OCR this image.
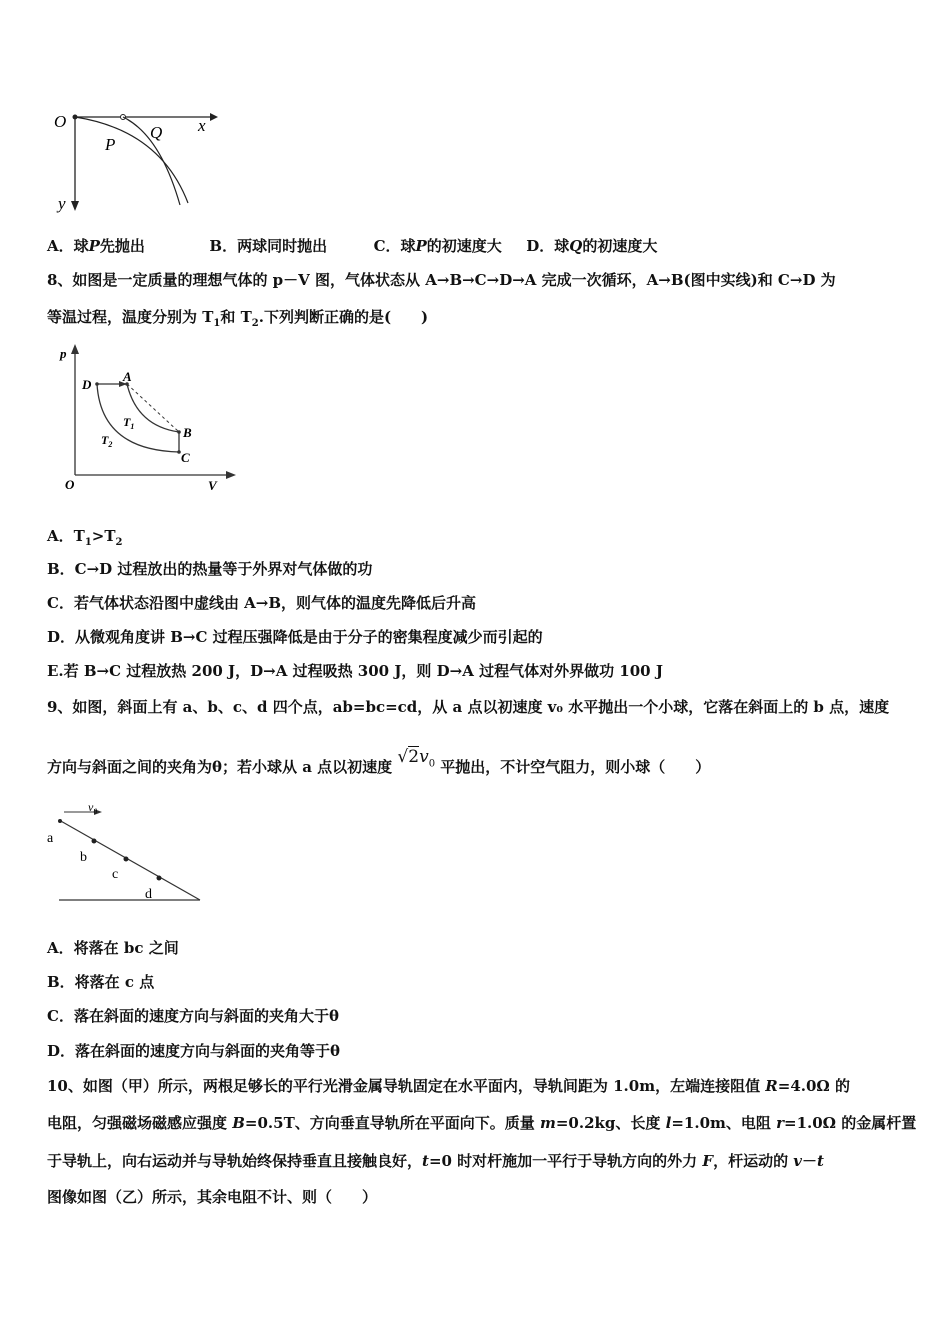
O	x
y
P
Q
A．球P先抛出	B．两球同时抛出	C．球P的初速度大 D．球Q的初速度大
8、如图是一定质量的理想气体的 p－V 图，气体状态从 A→B→C→D→A 完成一次循环，A→B(图中实线)和 C→D 为
等温过程，温度分别为 $T_1$和 $T_2$.下列判断正确的是(　　)
p
V
O
A
D
B
C
$T_1$
$T_2$
A．$T_1>T_2$
B．C→D 过程放出的热量等于外界对气体做的功
C．若气体状态沿图中虚线由 A→B，则气体的温度先降低后升高
D．从微观角度讲 B→C 过程压强降低是由于分子的密集程度减少而引起的
E.若 B→C 过程放热 200 J，D→A 过程吸热 300 J，则 D→A 过程气体对外界做功 100 J
9、如图，斜面上有 a、b、c、d 四个点，ab=bc=cd，从 a 点以初速度 v₀ 水平抛出一个小球，它落在斜面上的 b 点，速度
方向与斜面之间的夹角为θ；若小球从 a 点以初速度 $√2v_0$ 平抛出，不计空气阻力，则小球（　　）
v₀
a
b
c
d
A．将落在 bc 之间
B．将落在 c 点
C．落在斜面的速度方向与斜面的夹角大于θ
D．落在斜面的速度方向与斜面的夹角等于θ
10、如图（甲）所示，两根足够长的平行光滑金属导轨固定在水平面内，导轨间距为 1.0m，左端连接阻值 R=4.0Ω 的
电阻，匀强磁场磁感应强度 B=0.5T、方向垂直导轨所在平面向下。质量 m=0.2kg、长度 l=1.0m、电阻 r=1.0Ω 的金属杆置
于导轨上，向右运动并与导轨始终保持垂直且接触良好，t=0 时对杆施加一平行于导轨方向的外力 F，杆运动的 v－t
图像如图（乙）所示，其余电阻不计、则（　　）
